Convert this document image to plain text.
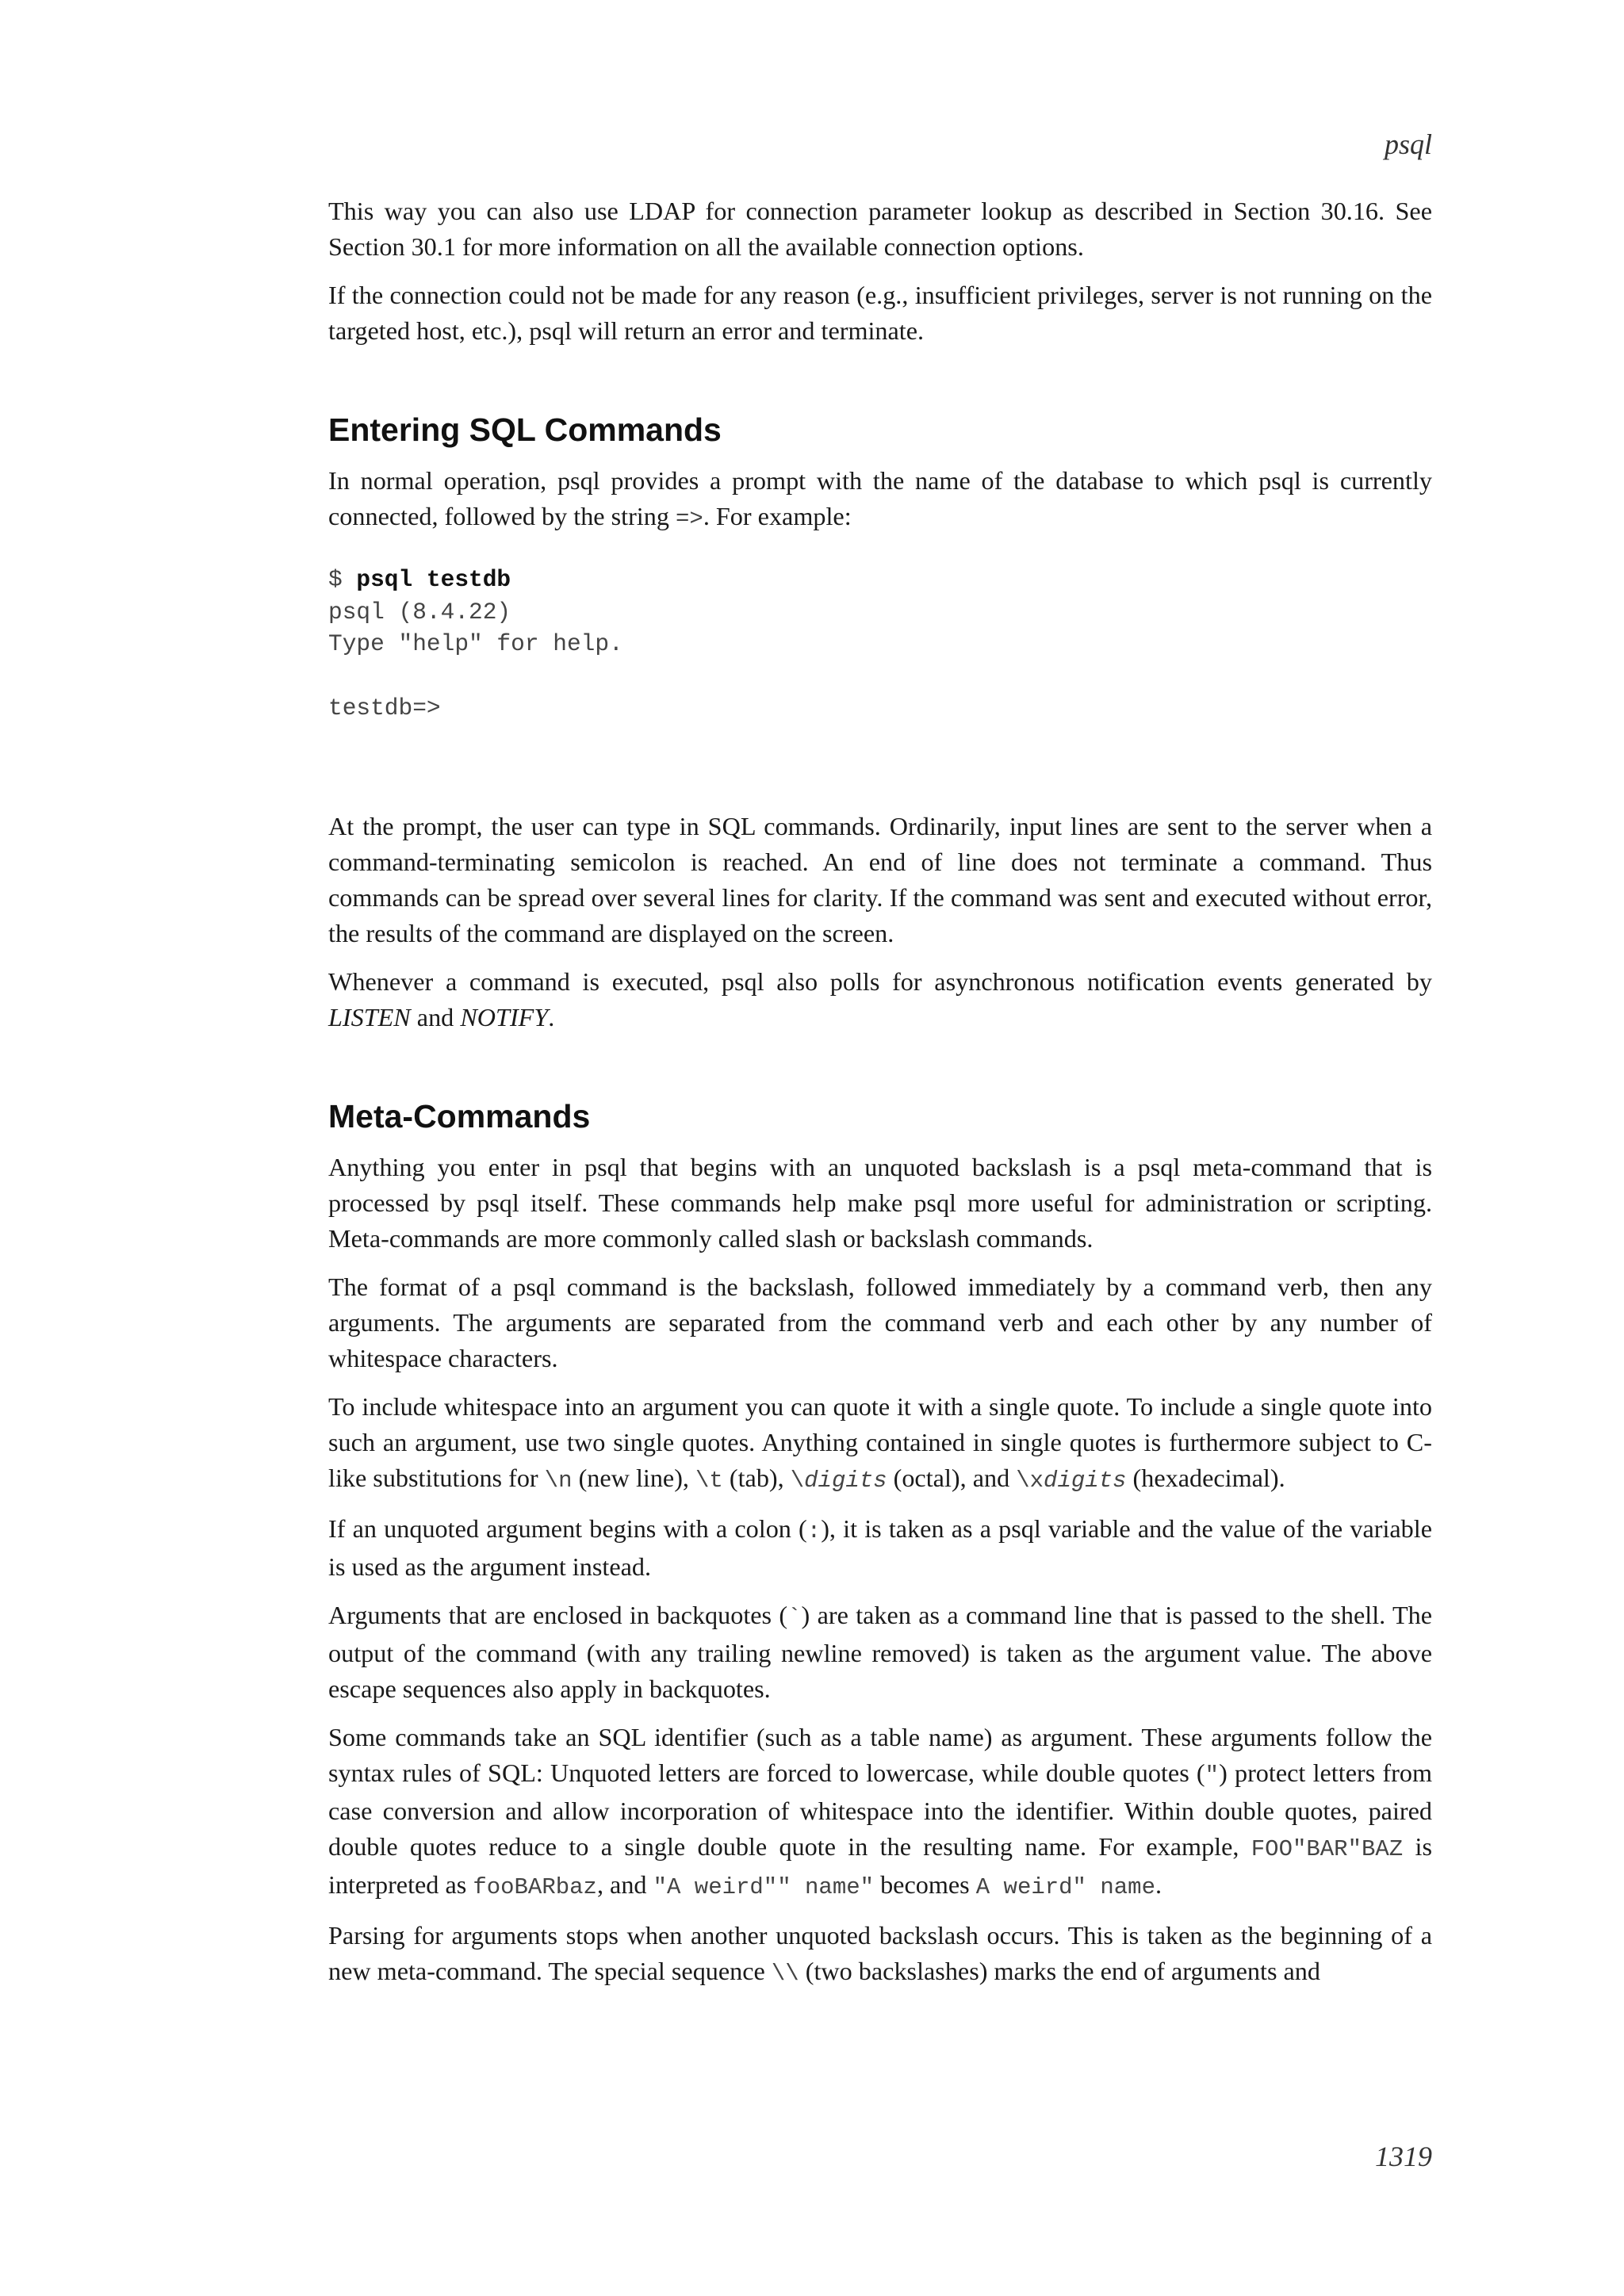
psql

This way you can also use LDAP for connection parameter lookup as described in Section 30.16. See Section 30.1 for more information on all the available connection options.

If the connection could not be made for any reason (e.g., insufficient privileges, server is not running on the targeted host, etc.), psql will return an error and terminate.

Entering SQL Commands

In normal operation, psql provides a prompt with the name of the database to which psql is currently connected, followed by the string =>. For example:

$ psql testdb
psql (8.4.22)
Type "help" for help.

testdb=>

At the prompt, the user can type in SQL commands. Ordinarily, input lines are sent to the server when a command-terminating semicolon is reached. An end of line does not terminate a command. Thus commands can be spread over several lines for clarity. If the command was sent and executed without error, the results of the command are displayed on the screen.

Whenever a command is executed, psql also polls for asynchronous notification events generated by LISTEN and NOTIFY.

Meta-Commands

Anything you enter in psql that begins with an unquoted backslash is a psql meta-command that is processed by psql itself. These commands help make psql more useful for administration or scripting. Meta-commands are more commonly called slash or backslash commands.

The format of a psql command is the backslash, followed immediately by a command verb, then any arguments. The arguments are separated from the command verb and each other by any number of whitespace characters.

To include whitespace into an argument you can quote it with a single quote. To include a single quote into such an argument, use two single quotes. Anything contained in single quotes is furthermore subject to C-like substitutions for \n (new line), \t (tab), \digits (octal), and \xdigits (hexadecimal).

If an unquoted argument begins with a colon (:), it is taken as a psql variable and the value of the variable is used as the argument instead.

Arguments that are enclosed in backquotes (`) are taken as a command line that is passed to the shell. The output of the command (with any trailing newline removed) is taken as the argument value. The above escape sequences also apply in backquotes.

Some commands take an SQL identifier (such as a table name) as argument. These arguments follow the syntax rules of SQL: Unquoted letters are forced to lowercase, while double quotes (") protect letters from case conversion and allow incorporation of whitespace into the identifier. Within double quotes, paired double quotes reduce to a single double quote in the resulting name. For example, FOO"BAR"BAZ is interpreted as fooBARbaz, and "A weird"" name" becomes A weird" name.

Parsing for arguments stops when another unquoted backslash occurs. This is taken as the beginning of a new meta-command. The special sequence \\ (two backslashes) marks the end of arguments and

1319
